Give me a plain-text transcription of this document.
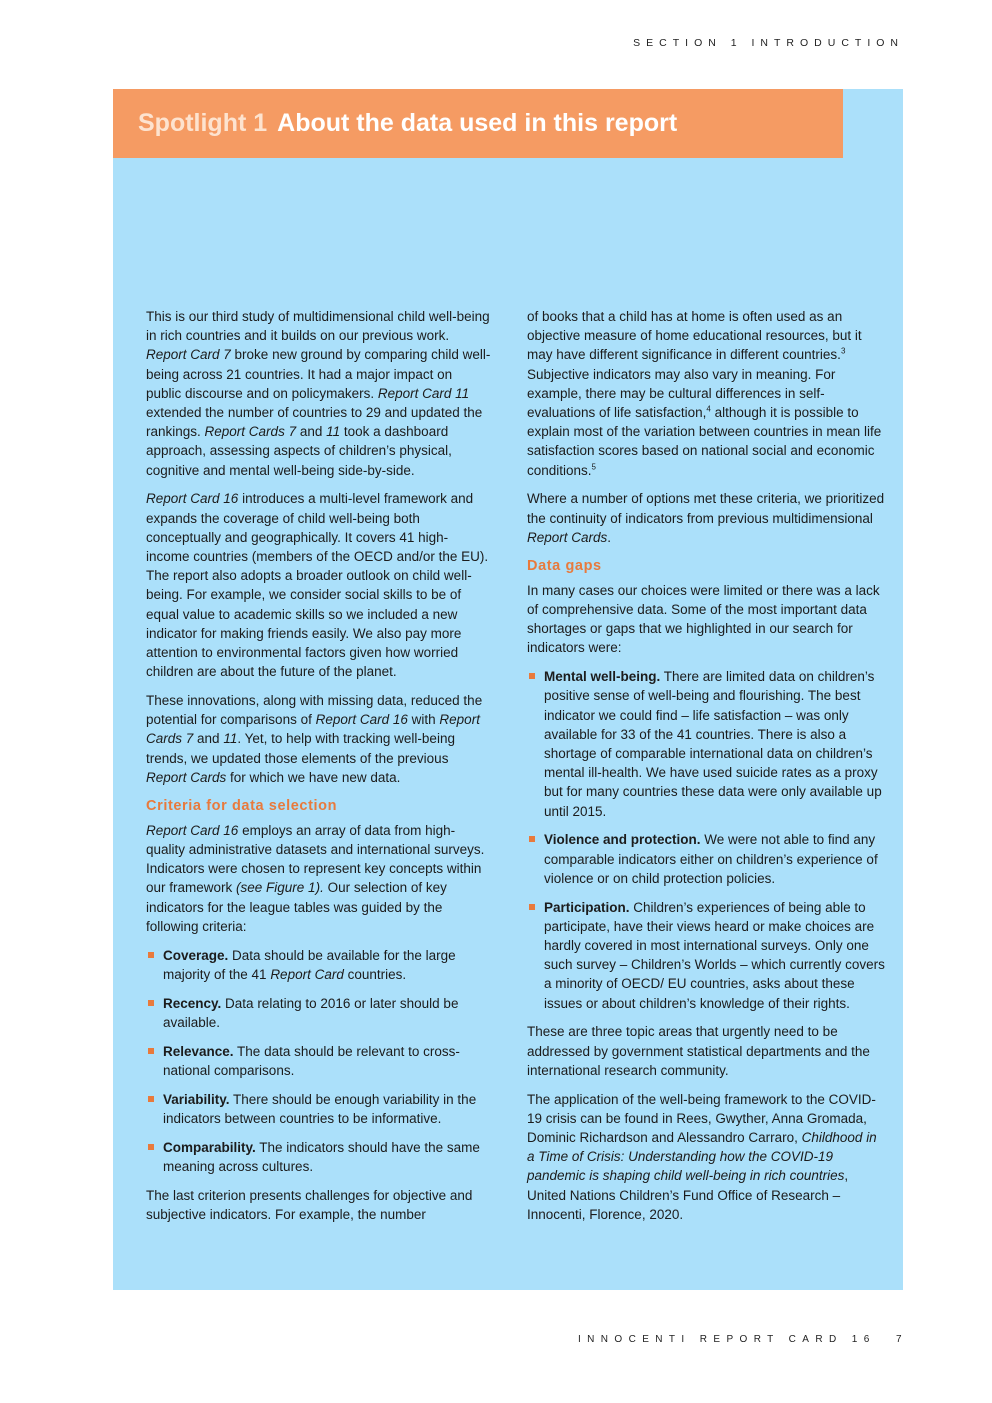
SECTION 1 INTRODUCTION
Spotlight 1 About the data used in this report

This is our third study of multidimensional child well-being in rich countries and it builds on our previous work. Report Card 7 broke new ground by comparing child well-being across 21 countries. It had a major impact on public discourse and on policymakers. Report Card 11 extended the number of countries to 29 and updated the rankings. Report Cards 7 and 11 took a dashboard approach, assessing aspects of children’s physical, cognitive and mental well-being side-by-side.

Report Card 16 introduces a multi-level framework and expands the coverage of child well-being both conceptually and geographically. It covers 41 high-income countries (members of the OECD and/or the EU). The report also adopts a broader outlook on child well-being. For example, we consider social skills to be of equal value to academic skills so we included a new indicator for making friends easily. We also pay more attention to environmental factors given how worried children are about the future of the planet.

These innovations, along with missing data, reduced the potential for comparisons of Report Card 16 with Report Cards 7 and 11. Yet, to help with tracking well-being trends, we updated those elements of the previous Report Cards for which we have new data.

Criteria for data selection

Report Card 16 employs an array of data from high-quality administrative datasets and international surveys. Indicators were chosen to represent key concepts within our framework (see Figure 1). Our selection of key indicators for the league tables was guided by the following criteria:

Coverage. Data should be available for the large majority of the 41 Report Card countries.
Recency. Data relating to 2016 or later should be available.
Relevance. The data should be relevant to cross-national comparisons.
Variability. There should be enough variability in the indicators between countries to be informative.
Comparability. The indicators should have the same meaning across cultures.

The last criterion presents challenges for objective and subjective indicators. For example, the number

of books that a child has at home is often used as an objective measure of home educational resources, but it may have different significance in different countries.$^3$ Subjective indicators may also vary in meaning. For example, there may be cultural differences in self-evaluations of life satisfaction,$^4$ although it is possible to explain most of the variation between countries in mean life satisfaction scores based on national social and economic conditions.$^5$

Where a number of options met these criteria, we prioritized the continuity of indicators from previous multidimensional Report Cards.

Data gaps

In many cases our choices were limited or there was a lack of comprehensive data. Some of the most important data shortages or gaps that we highlighted in our search for indicators were:

Mental well-being. There are limited data on children’s positive sense of well-being and flourishing. The best indicator we could find – life satisfaction – was only available for 33 of the 41 countries. There is also a shortage of comparable international data on children’s mental ill-health. We have used suicide rates as a proxy but for many countries these data were only available up until 2015.
Violence and protection. We were not able to find any comparable indicators either on children’s experience of violence or on child protection policies.
Participation. Children’s experiences of being able to participate, have their views heard or make choices are hardly covered in most international surveys. Only one such survey – Children’s Worlds – which currently covers a minority of OECD/ EU countries, asks about these issues or about children’s knowledge of their rights.

These are three topic areas that urgently need to be addressed by government statistical departments and the international research community.

The application of the well-being framework to the COVID-19 crisis can be found in Rees, Gwyther, Anna Gromada, Dominic Richardson and Alessandro Carraro, Childhood in a Time of Crisis: Understanding how the COVID-19 pandemic is shaping child well-being in rich countries, United Nations Children’s Fund Office of Research – Innocenti, Florence, 2020.

INNOCENTI REPORT CARD 16 7
